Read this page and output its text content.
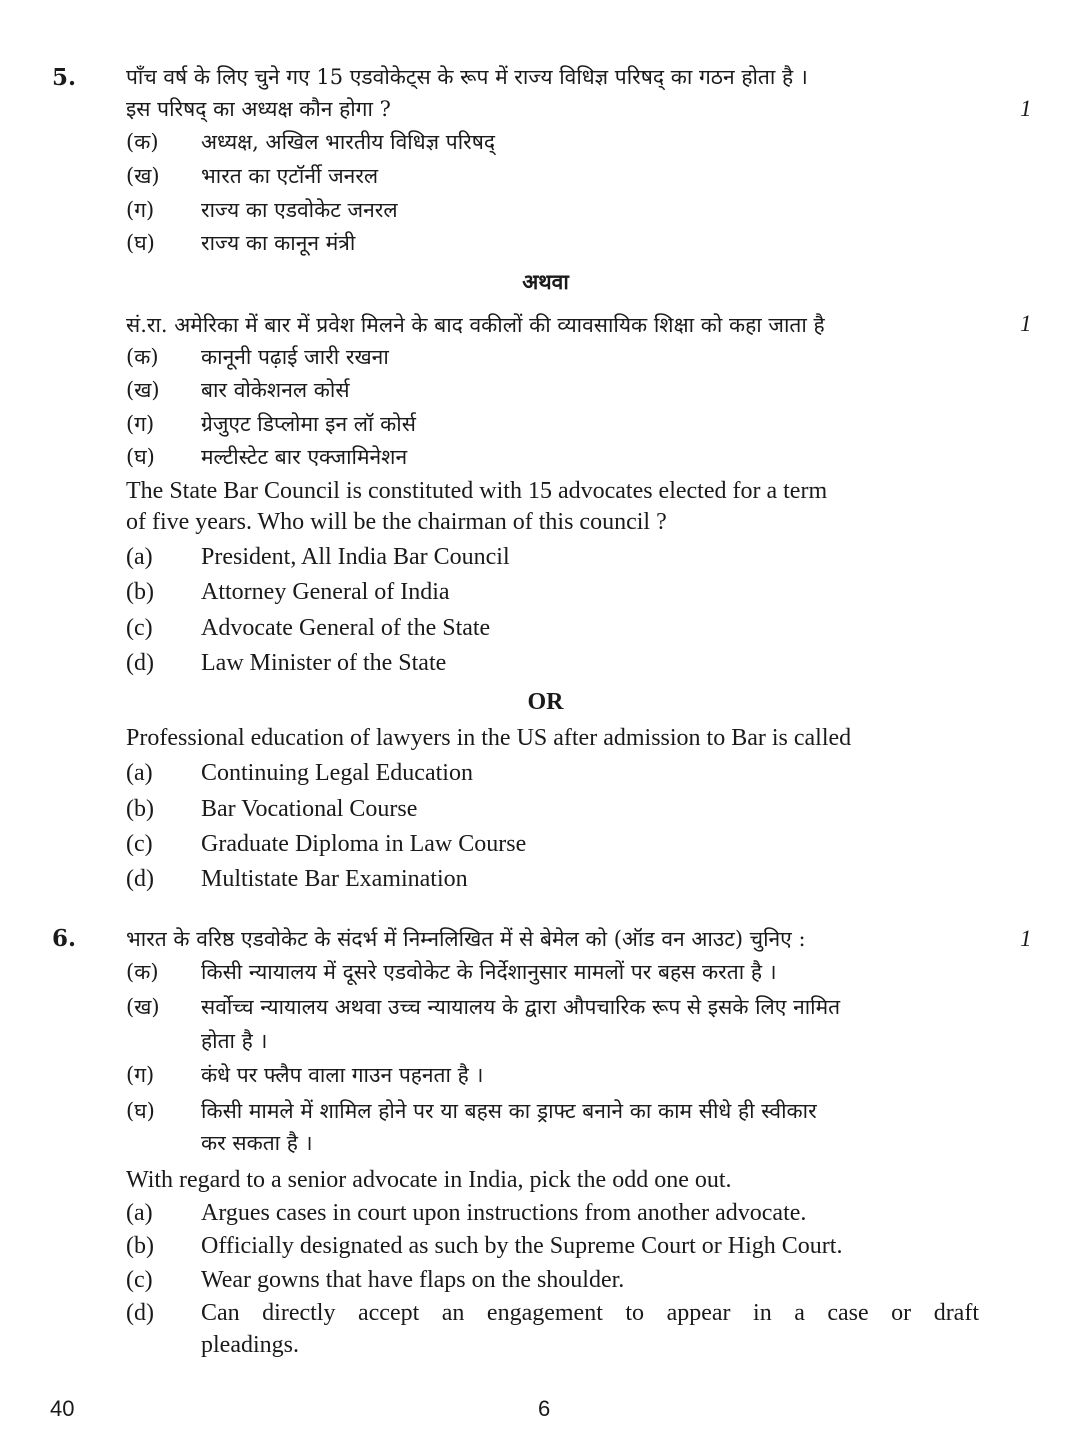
5. पाँच वर्ष के लिए चुने गए 15 एडवोकेट्स के रूप में राज्य विधिज्ञ परिषद् का गठन होता है ।
इस परिषद् का अध्यक्ष कौन होगा ?	1
(क) अध्यक्ष, अखिल भारतीय विधिज्ञ परिषद्
(ख) भारत का एटॉर्नी जनरल
(ग) राज्य का एडवोकेट जनरल
(घ) राज्य का कानून मंत्री
अथवा
सं.रा. अमेरिका में बार में प्रवेश मिलने के बाद वकीलों की व्यावसायिक शिक्षा को कहा जाता है	1
(क) कानूनी पढ़ाई जारी रखना
(ख) बार वोकेशनल कोर्स
(ग) ग्रेजुएट डिप्लोमा इन लॉ कोर्स
(घ) मल्टीस्टेट बार एक्जामिनेशन
The State Bar Council is constituted with 15 advocates elected for a term
of five years. Who will be the chairman of this council ?
(a) President, All India Bar Council
(b) Attorney General of India
(c) Advocate General of the State
(d) Law Minister of the State
OR
Professional education of lawyers in the US after admission to Bar is called
(a) Continuing Legal Education
(b) Bar Vocational Course
(c) Graduate Diploma in Law Course
(d) Multistate Bar Examination
6. भारत के वरिष्ठ एडवोकेट के संदर्भ में निम्नलिखित में से बेमेल को (ऑड वन आउट) चुनिए :	1
(क) किसी न्यायालय में दूसरे एडवोकेट के निर्देशानुसार मामलों पर बहस करता है ।
(ख) सर्वोच्च न्यायालय अथवा उच्च न्यायालय के द्वारा औपचारिक रूप से इसके लिए नामित
होता है ।
(ग) कंधे पर फ्लैप वाला गाउन पहनता है ।
(घ) किसी मामले में शामिल होने पर या बहस का ड्राफ्ट बनाने का काम सीधे ही स्वीकार
कर सकता है ।
With regard to a senior advocate in India, pick the odd one out.
(a) Argues cases in court upon instructions from another advocate.
(b) Officially designated as such by the Supreme Court or High Court.
(c) Wear gowns that have flaps on the shoulder.
(d) Can directly accept an engagement to appear in a case or draft
pleadings.
40	6
